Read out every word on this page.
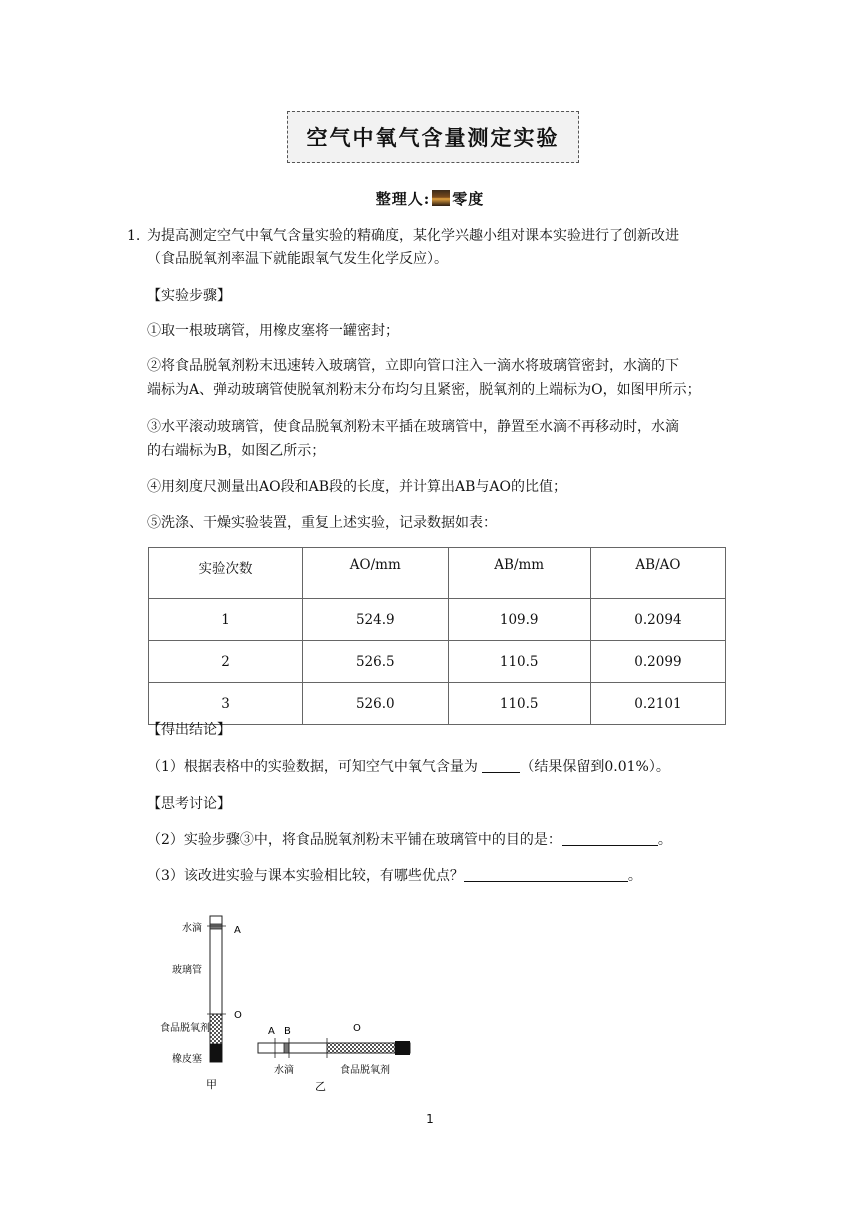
空气中氧气含量测定实验
整理人: 零度
1. 为提高测定空气中氧气含量实验的精确度，某化学兴趣小组对课本实验进行了创新改进
（食品脱氧剂率温下就能跟氧气发生化学反应）。
【实验步骤】
①取一根玻璃管，用橡皮塞将一罐密封；
②将食品脱氧剂粉末迅速转入玻璃管，立即向管口注入一滴水将玻璃管密封，水滴的下
端标为A、弹动玻璃管使脱氧剂粉末分布均匀且紧密，脱氧剂的上端标为O，如图甲所示；
③水平滚动玻璃管，使食品脱氧剂粉末平插在玻璃管中，静置至水滴不再移动时，水滴
的右端标为B，如图乙所示；
④用刻度尺测量出AO段和AB段的长度，并计算出AB与AO的比值；
⑤洗涤、干燥实验装置，重复上述实验，记录数据如表：
实验次数	AO/mm	AB/mm	AB/AO
1	524.9	109.9	0.2094
2	526.5	110.5	0.2099
3	526.0	110.5	0.2101
【得出结论】
（1）根据表格中的实验数据，可知空气中氧气含量为	（结果保留到0.01%）。
【思考讨论】
（2）实验步骤③中，将食品脱氧剂粉末平铺在玻璃管中的目的是：	。
（3）该改进实验与课本实验相比较，有哪些优点？	。
水滴
玻璃管
食品脱氧剂
橡皮塞
A
O
甲
A B	O
水滴	食品脱氧剂
乙
1
